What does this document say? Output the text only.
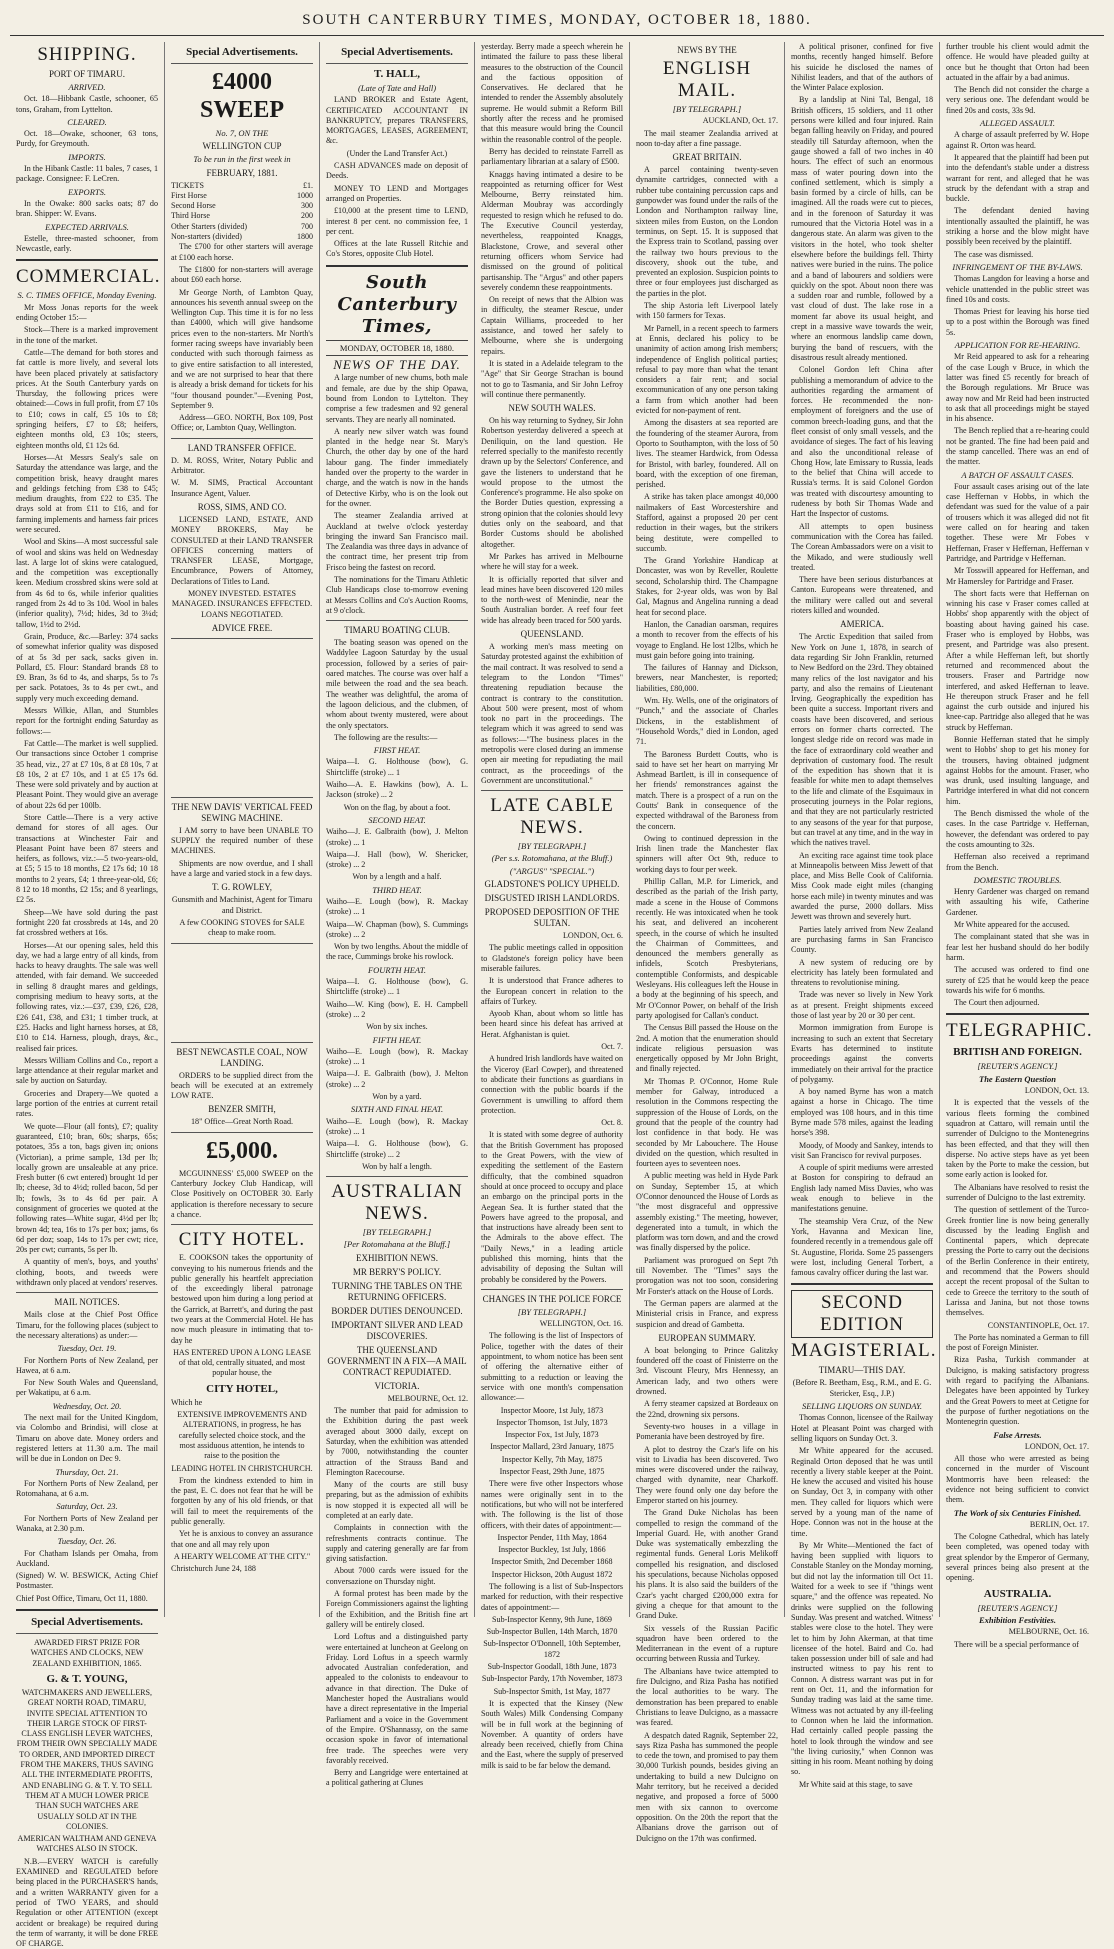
SOUTH CANTERBURY TIMES, MONDAY, OCTOBER 18, 1880.
SHIPPING.
PORT OF TIMARU.
ARRIVED.

Oct. 18—Hibbank Castle, schooner, 65 tons, Graham, from Lyttelton.

CLEARED.

Oct. 18—Owake, schooner, 63 tons, Purdy, for Greymouth.

IMPORTS.

In the Hibank Castle: 11 bales, 7 cases, 1 package. Consignee: F. LeCren.

EXPORTS.

In the Owake: 800 sacks oats; 87 do bran. Shipper: W. Evans.

EXPECTED ARRIVALS.

Estelle, three-masted schooner, from Newcastle, early.

COMMERCIAL.
S. C. TIMES OFFICE, Monday Evening.

Mr Moss Jonas reports for the week ending October 15:—

Stock—There is a marked improvement in the tone of the market.

Cattle—The demand for both stores and fat cattle is more lively, and several lots have been placed privately at satisfactory prices. At the South Canterbury yards on Thursday, the following prices were obtained:—Cows in full profit, from £7 10s to £10; cows in calf, £5 10s to £8; springing heifers, £7 to £8; heifers, eighteen months old, £3 10s; steers, eighteen months old, £1 12s 6d.

Horses—At Messrs Sealy's sale on Saturday the attendance was large, and the competition brisk, heavy draught mares and geldings fetching from £38 to £45; medium draughts, from £22 to £35. The drays sold at from £11 to £16, and for farming implements and harness fair prices were secured.

Wool and Skins—A most successful sale of wool and skins was held on Wednesday last. A large lot of skins were catalogued, and the competition was exceptionally keen. Medium crossbred skins were sold at from 4s 6d to 6s, while inferior qualities ranged from 2s 4d to 3s 10d. Wool in bales (inferior quality), 7½d; hides, 3d to 3¼d; tallow, 1½d to 2½d.

Grain, Produce, &c.—Barley: 374 sacks of somewhat inferior quality was disposed of at 5s 3d per sack, sacks given in. Pollard, £5. Flour: Standard brands £8 to £9. Bran, 3s 6d to 4s, and sharps, 5s to 7s per sack. Potatoes, 3s to 4s per cwt., and supply very much exceeding demand.

Messrs Wilkie, Allan, and Stumbles report for the fortnight ending Saturday as follows:—

Fat Cattle—The market is well supplied. Our transactions since October 1 comprise 35 head, viz., 27 at £7 10s, 8 at £8 10s, 7 at £8 10s, 2 at £7 10s, and 1 at £5 17s 6d. These were sold privately and by auction at Pleasant Point. They would give an average of about 22s 6d per 100lb.

Store Cattle—There is a very active demand for stores of all ages. Our transactions at Winchester Fair and Pleasant Point have been 87 steers and heifers, as follows, viz.:—5 two-years-old, at £5; 5 15 to 18 months, £2 17s 6d; 10 18 months to 2 years, £4; 1 three-year-old, £6; 8 12 to 18 months, £2 15s; and 8 yearlings, £2 5s.

Sheep—We have sold during the past fortnight 220 fat crossbreds at 14s, and 20 fat crossbred wethers at 16s.

Horses—At our opening sales, held this day, we had a large entry of all kinds, from hacks to heavy draughts. The sale was well attended, with fair demand. We succeeded in selling 8 draught mares and geldings, comprising medium to heavy sorts, at the following rates, viz.:—£37, £39, £26, £28, £26 £41, £38, and £31; 1 timber truck, at £25. Hacks and light harness horses, at £8, £10 to £14. Harness, plough, drays, &c., realised fair prices.

Messrs William Collins and Co., report a large attendance at their regular market and sale by auction on Saturday.

Groceries and Drapery—We quoted a large portion of the entries at current retail rates.

We quote—Flour (all fonts), £7; quality guaranteed, £10; bran, 60s; sharps, 65s; potatoes, 35s a ton, bags given in; onions (Victorian), a prime sample, 13d per lb; locally grown are unsaleable at any price. Fresh butter (6 cwt entered) brought 1d per lb; cheese, 3d to 4½d; rolled bacon, 5d per lb; fowls, 3s to 4s 6d per pair. A consignment of groceries we quoted at the following rates—White sugar, 4½d per lb; brown 4d; tea, 16s to 17s per box; jams, 6s 6d per doz; soap, 14s to 17s per cwt; rice, 20s per cwt; currants, 5s per lb.

A quantity of men's, boys, and youths' clothing, boots, and tweeds were withdrawn only placed at vendors' reserves.

MAIL NOTICES.

Mails close at the Chief Post Office Timaru, for the following places (subject to the necessary alterations) as under:—

Tuesday, Oct. 19.

For Northern Ports of New Zealand, per Hawea, at 6 a.m.

For New South Wales and Queensland, per Wakatipu, at 6 a.m.

Wednesday, Oct. 20.

The next mail for the United Kingdom, via Colombo and Brindisi, will close at Timaru on above date. Money orders and registered letters at 11.30 a.m. The mail will be due in London on Dec 9.

Thursday, Oct. 21.

For Northern Ports of New Zealand, per Rotomahana, at 6 a.m.

Saturday, Oct. 23.

For Northern Ports of New Zealand per Wanaka, at 2.30 p.m.

Tuesday, Oct. 26.

For Chatham Islands per Omaha, from Auckland.

(Signed) W. W. BESWICK, Acting Chief Postmaster.

Chief Post Office, Timaru, Oct 11, 1880.

Special Advertisements.

AWARDED FIRST PRIZE FOR WATCHES AND CLOCKS, NEW ZEALAND EXHIBITION, 1865.

G. & T. YOUNG,

WATCHMAKERS AND JEWELLERS, GREAT NORTH ROAD, TIMARU, INVITE SPECIAL ATTENTION TO THEIR LARGE STOCK OF FIRST-CLASS ENGLISH LEVER WATCHES, FROM THEIR OWN SPECIALLY MADE TO ORDER, AND IMPORTED DIRECT FROM THE MAKERS, THUS SAVING ALL THE INTERMEDIATE PROFITS, AND ENABLING G. & T. Y. TO SELL THEM AT A MUCH LOWER PRICE THAN SUCH WATCHES ARE USUALLY SOLD AT IN THE COLONIES.

AMERICAN WALTHAM AND GENEVA WATCHES ALSO IN STOCK.

N.B.—EVERY WATCH is carefully EXAMINED and REGULATED before being placed in the PURCHASER'S hands, and a written WARRANTY given for a period of TWO YEARS, and should Regulation or other ATTENTION (except accident or breakage) be required during the term of warranty, it will be done FREE OF CHARGE.

Special Advertisements.
£4000 SWEEP
No. 7, ON THE
WELLINGTON CUP
To be run in the first week in
FEBRUARY, 1881.
TICKETS	£1.
First Horse	1000
Second Horse	300
Third Horse	200
Other Starters (divided)	700
Non-starters (divided)	1800

The £700 for other starters will average at £100 each horse.

The £1800 for non-starters will average about £60 each horse.

Mr George North, of Lambton Quay, announces his seventh annual sweep on the Wellington Cup. This time it is for no less than £4000, which will give handsome prices even to the non-starters. Mr North's former racing sweeps have invariably been conducted with such thorough fairness as to give entire satisfaction to all interested, and we are not surprised to hear that there is already a brisk demand for tickets for his "four thousand pounder."—Evening Post, September 9.

Address—GEO. NORTH, Box 109, Post Office; or, Lambton Quay, Wellington.

LAND TRANSFER OFFICE.

D. M. ROSS, Writer, Notary Public and Arbitrator.

W. M. SIMS, Practical Accountant Insurance Agent, Valuer.

ROSS, SIMS, AND CO.

LICENSED LAND, ESTATE, AND MONEY BROKERS, May be CONSULTED at their LAND TRANSFER OFFICES concerning matters of TRANSFER LEASE, Mortgage, Encumbrance, Powers of Attorney, Declarations of Titles to Land.

MONEY INVESTED. ESTATES MANAGED. INSURANCES EFFECTED. LOANS NEGOTIATED.

ADVICE FREE.
THE NEW DAVIS' VERTICAL FEED SEWING MACHINE.

I AM sorry to have been UNABLE TO SUPPLY the required number of these MACHINES.

Shipments are now overdue, and I shall have a large and varied stock in a few days.

T. G. ROWLEY,

Gunsmith and Machinist, Agent for Timaru and District.

A few COOKING STOVES for SALE cheap to make room.

BEST NEWCASTLE COAL, NOW LANDING.

ORDERS to be supplied direct from the beach will be executed at an extremely LOW RATE.

BENZER SMITH,

18" Office—Great North Road.

£5,000.

MCGUINNESS' £5,000 SWEEP on the Canterbury Jockey Club Handicap, will Close Positively on OCTOBER 30. Early application is therefore necessary to secure a chance.

CITY HOTEL.

E. COOKSON takes the opportunity of conveying to his numerous friends and the public generally his heartfelt appreciation of the exceedingly liberal patronage bestowed upon him during a long period at the Garrick, at Barrett's, and during the past two years at the Commercial Hotel. He has now much pleasure in intimating that to-day he

HAS ENTERED UPON A LONG LEASE of that old, centrally situated, and most popular house, the

CITY HOTEL,

Which he

EXTENSIVE IMPROVEMENTS AND ALTERATIONS, in progress, he has carefully selected choice stock, and the most assiduous attention, he intends to raise to the position the

LEADING HOTEL IN CHRISTCHURCH.

From the kindness extended to him in the past, E. C. does not fear that he will be forgotten by any of his old friends, or that will fail to meet the requirements of the public generally.

Yet he is anxious to convey an assurance that one and all may rely upon

A HEARTY WELCOME AT THE CITY."

Christchurch June 24, 188

Special Advertisements.
T. HALL,
(Late of Tate and Hall)

LAND BROKER and Estate Agent, CERTIFICATED ACCOUNTANT IN BANKRUPTCY, prepares TRANSFERS, MORTGAGES, LEASES, AGREEMENT, &c.

(Under the Land Transfer Act.)

CASH ADVANCES made on deposit of Deeds.

MONEY TO LEND and Mortgages arranged on Properties.

£10,000 at the present time to LEND, interest 8 per cent. no commission fee, 1 per cent.

Offices at the late Russell Ritchie and Co's Stores, opposite Club Hotel.

South Canterbury Times,
MONDAY, OCTOBER 18, 1880.
NEWS OF THE DAY.

A large number of new chums, both male and female, are due by the ship Opawa, bound from London to Lyttelton. They comprise a few tradesmen and 92 general servants. They are nearly all nominated.

A nearly new silver watch was found planted in the hedge near St. Mary's Church, the other day by one of the hard labour gang. The finder immediately handed over the property to the warder in charge, and the watch is now in the hands of Detective Kirby, who is on the look out for the owner.

The steamer Zealandia arrived at Auckland at twelve o'clock yesterday bringing the inward San Francisco mail. The Zealandia was three days in advance of the contract time, her present trip from Frisco being the fastest on record.

The nominations for the Timaru Athletic Club Handicaps close to-morrow evening at Messrs Collins and Co's Auction Rooms, at 9 o'clock.

TIMARU BOATING CLUB.

The boating season was opened on the Waddylee Lagoon Saturday by the usual procession, followed by a series of pair-oared matches. The course was over half a mile between the road and the sea beach. The weather was delightful, the aroma of the lagoon delicious, and the clubmen, of whom about twenty mustered, were about the only spectators.

The following are the results:—

FIRST HEAT.

Waipa—I. G. Holthouse (bow), G. Shirtcliffe (stroke) ... 1

Waiho—A. E. Hawkins (bow), A. L. Jackson (stroke) ... 2

Won on the flag, by about a foot.

SECOND HEAT.

Waiho—J. E. Galbraith (bow), J. Melton (stroke) ... 1

Waipa—J. Hall (bow), W. Shericker, (stroke) ... 2

Won by a length and a half.

THIRD HEAT.

Waiho—E. Lough (bow), R. Mackay (stroke) ... 1

Waipa—W. Chapman (bow), S. Cummings (stroke) ... 2

Won by two lengths. About the middle of the race, Cummings broke his rowlock.

FOURTH HEAT.

Waipa—I. G. Holthouse (bow), G. Shirtcliffe (stroke) ... 1

Waiho—W. King (bow), E. H. Campbell (stroke) ... 2

Won by six inches.

FIFTH HEAT.

Waiho—E. Lough (bow), R. Mackay (stroke) ... 1

Waipa—J. E. Galbraith (bow), J. Melton (stroke) ... 2

Won by a yard.

SIXTH AND FINAL HEAT.

Waiho—E. Lough (bow), R. Mackay (stroke) ... 1

Waipa—I. G. Holthouse (bow), G. Shirtcliffe (stroke) ... 2

Won by half a length.

AUSTRALIAN NEWS.
[BY TELEGRAPH.]
[Per Rotomahana at the Bluff.]
EXHIBITION NEWS.
MR BERRY'S POLICY.
TURNING THE TABLES ON THE RETURNING OFFICERS.
BORDER DUTIES DENOUNCED.
IMPORTANT SILVER AND LEAD DISCOVERIES.
THE QUEENSLAND GOVERNMENT IN A FIX—A MAIL CONTRACT REPUDIATED.
VICTORIA.

MELBOURNE, Oct. 12.

The number that paid for admission to the Exhibition during the past week averaged about 3000 daily, except on Saturday, when the exhibition was attended by 7000, notwithstanding the counter attraction of the Strauss Band and Flemington Racecourse.

Many of the courts are still busy preparing, but as the admission of exhibits is now stopped it is expected all will be completed at an early date.

Complaints in connection with the refreshments contracts continue. The supply and catering generally are far from giving satisfaction.

About 7000 cards were issued for the conversazione on Thursday night.

A formal protest has been made by the Foreign Commissioners against the lighting of the Exhibition, and the British fine art gallery will be entirely closed.

Lord Loftus and a distinguished party were entertained at luncheon at Geelong on Friday. Lord Loftus in a speech warmly advocated Australian confederation, and appealed to the colonists to endeavour to advance in that direction. The Duke of Manchester hoped the Australians would have a direct representative in the Imperial Parliament and a voice in the Government of the Empire. O'Shannassy, on the same occasion spoke in favor of international free trade. The speeches were very favorably received.

Berry and Langridge were entertained at a political gathering at Clunes

yesterday. Berry made a speech wherein he intimated the failure to pass these liberal measures to the obstruction of the Council and the factious opposition of Conservatives. He declared that he intended to render the Assembly absolutely supreme. He would submit a Reform Bill shortly after the recess and he promised that this measure would bring the Council within the reasonable control of the people.

Berry has decided to reinstate Farrell as parliamentary librarian at a salary of £500.

Knaggs having intimated a desire to be reappointed as returning officer for West Melbourne, Berry reinstated him. Alderman Moubray was accordingly requested to resign which he refused to do. The Executive Council yesterday, nevertheless, reappointed Knaggs, Blackstone, Crowe, and several other returning officers whom Service had dismissed on the ground of political partisanship. The "Argus" and other papers severely condemn these reappointments.

On receipt of news that the Albion was in difficulty, the steamer Rescue, under Captain Williams, proceeded to her assistance, and towed her safely to Melbourne, where she is undergoing repairs.

It is stated in a Adelaide telegram to the "Age" that Sir George Strachan is bound not to go to Tasmania, and Sir John Lefroy will continue there permanently.

NEW SOUTH WALES.

On his way returning to Sydney, Sir John Robertson yesterday delivered a speech at Deniliquin, on the land question. He referred specially to the manifesto recently drawn up by the Selectors' Conference, and gave the listeners to understand that he would propose to the utmost the Conference's programme. He also spoke on the Border Duties question, expressing a strong opinion that the colonies should levy duties only on the seaboard, and that Border Customs should be abolished altogether.

Mr Parkes has arrived in Melbourne where he will stay for a week.

It is officially reported that silver and lead mines have been discovered 120 miles to the north-west of Menindie, near the South Australian border. A reef four feet wide has already been traced for 500 yards.

QUEENSLAND.

A working men's mass meeting on Saturday protested against the exhibition of the mail contract. It was resolved to send a telegram to the London "Times" threatening repudiation because the contract is contrary to the constitution. About 500 were present, most of whom took no part in the proceedings. The telegram which it was agreed to send was as follows:—"The business places in the metropolis were closed during an immense open air meeting for repudiating the mail contract, as the proceedings of the Government are unconstitutional."

LATE CABLE NEWS.
[BY TELEGRAPH.]
(Per s.s. Rotomahana, at the Bluff.)
("ARGUS" "SPECIAL.")
GLADSTONE'S POLICY UPHELD.
DISGUSTED IRISH LANDLORDS.
PROPOSED DEPOSITION OF THE SULTAN.

LONDON, Oct. 6.

The public meetings called in opposition to Gladstone's foreign policy have been miserable failures.

It is understood that France adheres to the European concert in relation to the affairs of Turkey.

Ayoob Khan, about whom so little has been heard since his defeat has arrived at Herat. Afghanistan is quiet.

Oct. 7.

A hundred Irish landlords have waited on the Viceroy (Earl Cowper), and threatened to abdicate their functions as guardians in connection with the public boards if the Government is unwilling to afford them protection.

Oct. 8.

It is stated with some degree of authority that the British Government has proposed to the Great Powers, with the view of expediting the settlement of the Eastern difficulty, that the combined squadron should at once proceed to occupy and place an embargo on the principal ports in the Aegean Sea. It is further stated that the Powers have agreed to the proposal, and that instructions have already been sent to the Admirals to the above effect. The "Daily News," in a leading article published this morning, hints that the advisability of deposing the Sultan will probably be considered by the Powers.

CHANGES IN THE POLICE FORCE
[BY TELEGRAPH.]

WELLINGTON, Oct. 16.

The following is the list of Inspectors of Police, together with the dates of their appointment, to whom notice has been sent of offering the alternative either of submitting to a reduction or leaving the service with one month's compensation allowance:—

Inspector Moore, 1st July, 1873

Inspector Thomson, 1st July, 1873

Inspector Fox, 1st July, 1873

Inspector Mallard, 23rd January, 1875

Inspector Kelly, 7th May, 1875

Inspector Feast, 29th June, 1875

There were five other Inspectors whose names were originally sent in to the notifications, but who will not be interfered with. The following is the list of those officers, with their dates of appointment:—

Inspector Pender, 11th May, 1864

Inspector Buckley, 1st July, 1866

Inspector Smith, 2nd December 1868

Inspector Hickson, 20th August 1872

The following is a list of Sub-Inspectors marked for reduction, with their respective dates of appointment:—

Sub-Inspector Kenny, 9th June, 1869

Sub-Inspector Bullen, 14th March, 1870

Sub-Inspector O'Donnell, 10th September, 1872

Sub-Inspector Goodall, 18th June, 1873

Sub-Inspector Pardy, 17th November, 1873

Sub-Inspector Smith, 1st May, 1877

It is expected that the Kinsey (New South Wales) Milk Condensing Company will be in full work at the beginning of November. A quantity of orders have already been received, chiefly from China and the East, where the supply of preserved milk is said to be far below the demand.

NEWS BY THE
ENGLISH MAIL.
[BY TELEGRAPH.]

AUCKLAND, Oct. 17.

The mail steamer Zealandia arrived at noon to-day after a fine passage.

GREAT BRITAIN.

A parcel containing twenty-seven dynamite cartridges, connected with a rubber tube containing percussion caps and gunpowder was found under the rails of the London and Northampton railway line, sixteen miles from Euston, on the London terminus, on Sept. 15. It is supposed that the Express train to Scotland, passing over the railway two hours previous to the discovery, shook out the tube, and prevented an explosion. Suspicion points to three or four employees just discharged as the parties in the plot.

The ship Astoria left Liverpool lately with 150 farmers for Texas.

Mr Parnell, in a recent speech to farmers at Ennis, declared his policy to be unanimity of action among Irish members; independence of English political parties; refusal to pay more than what the tenant considers a fair rent; and social excommunication of any one person taking a farm from which another had been evicted for non-payment of rent.

Among the disasters at sea reported are the foundering of the steamer Aurora, from Oporto to Southampton, with the loss of 50 lives. The steamer Hardwick, from Odessa for Bristol, with barley, foundered. All on board, with the exception of one fireman, perished.

A strike has taken place amongst 40,000 nailmakers of East Worcestershire and Stafford, against a proposed 20 per cent reduction in their wages, but the strikers being destitute, were compelled to succumb.

The Grand Yorkshire Handicap at Doncaster, was won by Reveller, Roulette second, Scholarship third. The Champagne Stakes, for 2-year olds, was won by Bal Gal, Magnus and Angelina running a dead heat for second place.

Hanlon, the Canadian oarsman, requires a month to recover from the effects of his voyage to England. He lost 12lbs, which he must gain before going into training.

The failures of Hannay and Dickson, brewers, near Manchester, is reported; liabilities, £80,000.

Wm. Hy. Wells, one of the originators of "Punch," and the associate of Charles Dickens, in the establishment of "Household Words," died in London, aged 71.

The Baroness Burdett Coutts, who is said to have set her heart on marrying Mr Ashmead Bartlett, is ill in consequence of her friends' remonstrances against the match. There is a prospect of a run on the Coutts' Bank in consequence of the expected withdrawal of the Baroness from the concern.

Owing to continued depression in the Irish linen trade the Manchester flax spinners will after Oct 9th, reduce to working days to four per week.

Phillip Callan, M.P. for Limerick, and described as the pariah of the Irish party, made a scene in the House of Commons recently. He was intoxicated when he took his seat, and delivered an incoherent speech, in the course of which he insulted the Chairman of Committees, and denounced the members generally as infidels, Scotch Presbyterians, contemptible Conformists, and despicable Wesleyans. His colleagues left the House in a body at the beginning of his speech, and Mr O'Connor Power, on behalf of the Irish party apologised for Callan's conduct.

The Census Bill passed the House on the 2nd. A motion that the enumeration should indicate religious persuasion was energetically opposed by Mr John Bright, and finally rejected.

Mr Thomas P. O'Connor, Home Rule member for Galway, introduced a resolution in the Commons respecting the suppression of the House of Lords, on the ground that the people of the country had lost confidence in that body. He was seconded by Mr Labouchere. The House divided on the question, which resulted in fourteen ayes to seventeen noes.

A public meeting was held in Hyde Park on Sunday, September 15, at which O'Connor denounced the House of Lords as "the most disgraceful and oppressive assembly existing." The meeting, however, degenerated into a tumult, in which the platform was torn down, and and the crowd was finally dispersed by the police.

Parliament was prorogued on Sept 7th till November. The "Times" says the prorogation was not too soon, considering Mr Forster's attack on the House of Lords.

The German papers are alarmed at the Ministerial crisis in France, and express suspicion and dread of Gambetta.

EUROPEAN SUMMARY.

A boat belonging to Prince Galitzky foundered off the coast of Finisterre on the 3rd. Viscount Fleury, Mrs Hennessy, an American lady, and two others were drowned.

A ferry steamer capsized at Bordeaux on the 22nd, drowning six persons.

Seventy-two houses in a village in Pomerania have been destroyed by fire.

A plot to destroy the Czar's life on his visit to Livadia has been discovered. Two mines were discovered under the railway, charged with dynamite, near Charkoff. They were found only one day before the Emperor started on his journey.

The Grand Duke Nicholas has been compelled to resign the command of the Imperial Guard. He, with another Grand Duke was systematically embezzling the regimental funds. General Loris Melikoff compelled his resignation, and disclosed his speculations, because Nicholas opposed his plans. It is also said the builders of the Czar's yacht charged £200,000 extra for giving a cheque for that amount to the Grand Duke.

Six vessels of the Russian Pacific squadron have been ordered to the Mediterranean in the event of a rupture occurring between Russia and Turkey.

The Albanians have twice attempted to fire Dulcigno, and Riza Pasha has notified the local authorities to be wary. The demonstration has been prepared to enable Christians to leave Dulcigno, as a massacre was feared.

A despatch dated Ragnik, September 22, says Riza Pasha has summoned the people to cede the town, and promised to pay them 30,000 Turkish pounds, besides giving an undertaking to build a new Dulcigno on Mahr territory, but he received a decided negative, and proposed a force of 5000 men with six cannon to overcome opposition. On the 20th the report that the Albanians drove the garrison out of Dulcigno on the 17th was confirmed.

A political prisoner, confined for five months, recently hanged himself. Before his suicide he disclosed the names of Nihilist leaders, and that of the authors of the Winter Palace explosion.

By a landslip at Nini Tal, Bengal, 18 British officers, 15 soldiers, and 11 other persons were killed and four injured. Rain began falling heavily on Friday, and poured steadily till Saturday afternoon, when the gauge showed a fall of two inches in 40 hours. The effect of such an enormous mass of water pouring down into the confined settlement, which is simply a basin formed by a circle of hills, can be imagined. All the roads were cut to pieces, and in the forenoon of Saturday it was rumoured that the Victoria Hotel was in a dangerous state. An alarm was given to the visitors in the hotel, who took shelter elsewhere before the buildings fell. Thirty natives were buried in the ruins. The police and a band of labourers and soldiers were quickly on the spot. About noon there was a sudden roar and rumble, followed by a vast cloud of dust. The lake rose in a moment far above its usual height, and crept in a massive wave towards the weir, where an enormous landslip came down, burying the band of rescuers, with the disastrous result already mentioned.

Colonel Gordon left China after publishing a memorandum of advice to the authorities regarding the armament of forces. He recommended the non-employment of foreigners and the use of common breech-loading guns, and that the fleet consist of only small vessels, and the avoidance of sieges. The fact of his leaving and also the unconditional release of Chong How, late Emissary to Russia, leads to the belief that China will accede to Russia's terms. It is said Colonel Gordon was treated with discourtesy amounting to rudeness by both Sir Thomas Wade and Hart the Inspector of customs.

All attempts to open business communication with the Corea has failed. The Corean Ambassadors were on a visit to the Mikado, and were studiously well treated.

There have been serious disturbances at Canton. Europeans were threatened, and the military were called out and several rioters killed and wounded.

AMERICA.

The Arctic Expedition that sailed from New York on June 1, 1878, in search of data regarding Sir John Franklin, returned to New Bedford on the 23rd. They obtained many relics of the lost navigator and his party, and also the remains of Lieutenant Irving. Geographically the expedition has been quite a success. Important rivers and coasts have been discovered, and serious errors on former charts corrected. The longest sledge ride on record was made in the face of extraordinary cold weather and deprivation of customary food. The result of the expedition has shown that it is feasible for white men to adapt themselves to the life and climate of the Esquimaux in prosecuting journeys in the Polar regions, and that they are not particularly restricted to any seasons of the year for that purpose, but can travel at any time, and in the way in which the natives travel.

An exciting race against time took place at Minneapolis between Miss Jewett of that place, and Miss Belle Cook of California. Miss Cook made eight miles (changing horse each mile) in twenty minutes and was awarded the purse, 2000 dollars. Miss Jewett was thrown and severely hurt.

Parties lately arrived from New Zealand are purchasing farms in San Francisco County.

A new system of reducing ore by electricity has lately been formulated and threatens to revolutionise mining.

Trade was never so lively in New York as at present. Freight shipments exceed those of last year by 20 or 30 per cent.

Mormon immigration from Europe is increasing to such an extent that Secretary Evarts has determined to institute proceedings against the converts immediately on their arrival for the practice of polygamy.

A boy named Byrne has won a match against a horse in Chicago. The time employed was 108 hours, and in this time Byrne made 578 miles, against the leading horse's 398.

Moody, of Moody and Sankey, intends to visit San Francisco for revival purposes.

A couple of spirit mediums were arrested at Boston for conspiring to defraud an English lady named Miss Davies, who was weak enough to believe in the manifestations genuine.

The steamship Vera Cruz, of the New York, Havanna and Mexican line, foundered recently in a tremendous gale off St. Augustine, Florida. Some 25 passengers were lost, including General Torbert, a famous cavalry officer during the last war.

SECOND EDITION
MAGISTERIAL.
TIMARU—THIS DAY.

(Before R. Beetham, Esq., R.M., and E. G. Stericker, Esq., J.P.)

SELLING LIQUORS ON SUNDAY.

Thomas Connon, licensee of the Railway Hotel at Pleasant Point was charged with selling liquors on Sunday Oct. 3.

Mr White appeared for the accused. Reginald Orton deposed that he was until recently a livery stable keeper at the Point. He knew the accused and visited his house on Sunday, Oct 3, in company with other men. They called for liquors which were served by a young man of the name of Hope. Connon was not in the house at the time.

By Mr White—Mentioned the fact of having been supplied with liquors to Constable Stanley on the Monday morning, but did not lay the information till Oct 11. Waited for a week to see if "things went square," and the offence was repeated. No drinks were supplied on the following Sunday. Was present and watched. Witness' stables were close to the hotel. They were let to him by John Akerman, at that time licensee of the hotel. Baird and Co. had taken possession under bill of sale and had instructed witness to pay his rent to Connon. A distress warrant was put in for rent on Oct. 11, and the information for Sunday trading was laid at the same time. Witness was not actuated by any ill-feeling to Connon when he laid the information. Had certainly called people passing the hotel to look through the window and see "the living curiosity," when Connon was sitting in his room. Meant nothing by doing so.

Mr White said at this stage, to save

further trouble his client would admit the offence. He would have pleaded guilty at once but he thought that Orton had been actuated in the affair by a bad animus.

The Bench did not consider the charge a very serious one. The defendant would be fined 20s and costs, 33s 9d.

ALLEGED ASSAULT.

A charge of assault preferred by W. Hope against R. Orton was heard.

It appeared that the plaintiff had been put into the defendant's stable under a distress warrant for rent, and alleged that he was struck by the defendant with a strap and buckle.

The defendant denied having intentionally assaulted the plaintiff, he was striking a horse and the blow might have possibly been received by the plaintiff.

The case was dismissed.

INFRINGEMENT OF THE BY-LAWS.

Thomas Langdon for leaving a horse and vehicle unattended in the public street was fined 10s and costs.

Thomas Priest for leaving his horse tied up to a post within the Borough was fined 5s.

APPLICATION FOR RE-HEARING.

Mr Reid appeared to ask for a rehearing of the case Lough v Bruce, in which the latter was fined £5 recently for breach of the Borough regulations. Mr Bruce was away now and Mr Reid had been instructed to ask that all proceedings might be stayed in his absence.

The Bench replied that a re-hearing could not be granted. The fine had been paid and the stamp cancelled. There was an end of the matter.

A BATCH OF ASSAULT CASES.

Four assault cases arising out of the late case Heffernan v Hobbs, in which the defendant was sued for the value of a pair of trousers which it was alleged did not fit were called on for hearing and taken together. These were Mr Fobes v Heffernan, Fraser v Heffernan, Heffernan v Partridge, and Partridge v Heffernan.

Mr Tosswill appeared for Heffernan, and Mr Hamersley for Partridge and Fraser.

The short facts were that Heffernan on winning his case v Fraser comes called at Hobbs' shop apparently with the object of boasting about having gained his case. Fraser who is employed by Hobbs, was present, and Partridge was also present. After a while Heffernan left, but shortly returned and recommenced about the trousers. Fraser and Partridge now interfered, and asked Heffernan to leave. He thereupon struck Fraser and he fell against the curb outside and injured his knee-cap. Partridge also alleged that he was struck by Heffernan.

Bonnie Heffernan stated that he simply went to Hobbs' shop to get his money for the trousers, having obtained judgment against Hobbs for the amount. Fraser, who was drunk, used insulting language, and Partridge interfered in what did not concern him.

The Bench dismissed the whole of the cases. In the case Partridge v. Heffernan, however, the defendant was ordered to pay the costs amounting to 32s.

Heffernan also received a reprimand from the Bench.

DOMESTIC TROUBLES.

Henry Gardener was charged on remand with assaulting his wife, Catherine Gardener.

Mr White appeared for the accused.

The complainant stated that she was in fear lest her husband should do her bodily harm.

The accused was ordered to find one surety of £25 that he would keep the peace towards his wife for 6 months.

The Court then adjourned.

TELEGRAPHIC.
BRITISH AND FOREIGN.
[REUTER'S AGENCY.]
The Eastern Question

LONDON, Oct. 13.

It is expected that the vessels of the various fleets forming the combined squadron at Cattaro, will remain until the surrender of Dulcigno to the Montenegrins has been effected, and that they will then disperse. No active steps have as yet been taken by the Porte to make the cession, but some early action is looked for.

The Albanians have resolved to resist the surrender of Dulcigno to the last extremity.

The question of settlement of the Turco-Greek frontier line is now being generally discussed by the leading English and Continental papers, which deprecate pressing the Porte to carry out the decisions of the Berlin Conference in their entirety, and recommend that the Powers should accept the recent proposal of the Sultan to cede to Greece the territory to the south of Larissa and Janina, but not those towns themselves.

CONSTANTINOPLE, Oct. 17.

The Porte has nominated a German to fill the post of Foreign Minister.

Riza Pasha, Turkish commander at Dulcigno, is making satisfactory progress with regard to pacifying the Albanians. Delegates have been appointed by Turkey and the Great Powers to meet at Cetigne for the purpose of further negotiations on the Montenegrin question.

False Arrests.

LONDON, Oct. 17.

All those who were arrested as being concerned in the murder of Viscount Montmorris have been released: the evidence not being sufficient to convict them.

The Work of six Centuries Finished.

BERLIN, Oct. 17.

The Cologne Cathedral, which has lately been completed, was opened today with great splendor by the Emperor of Germany, several princes being also present at the opening.

AUSTRALIA.
[REUTER'S AGENCY.]
Exhibition Festivities.

MELBOURNE, Oct. 16.

There will be a special performance of
